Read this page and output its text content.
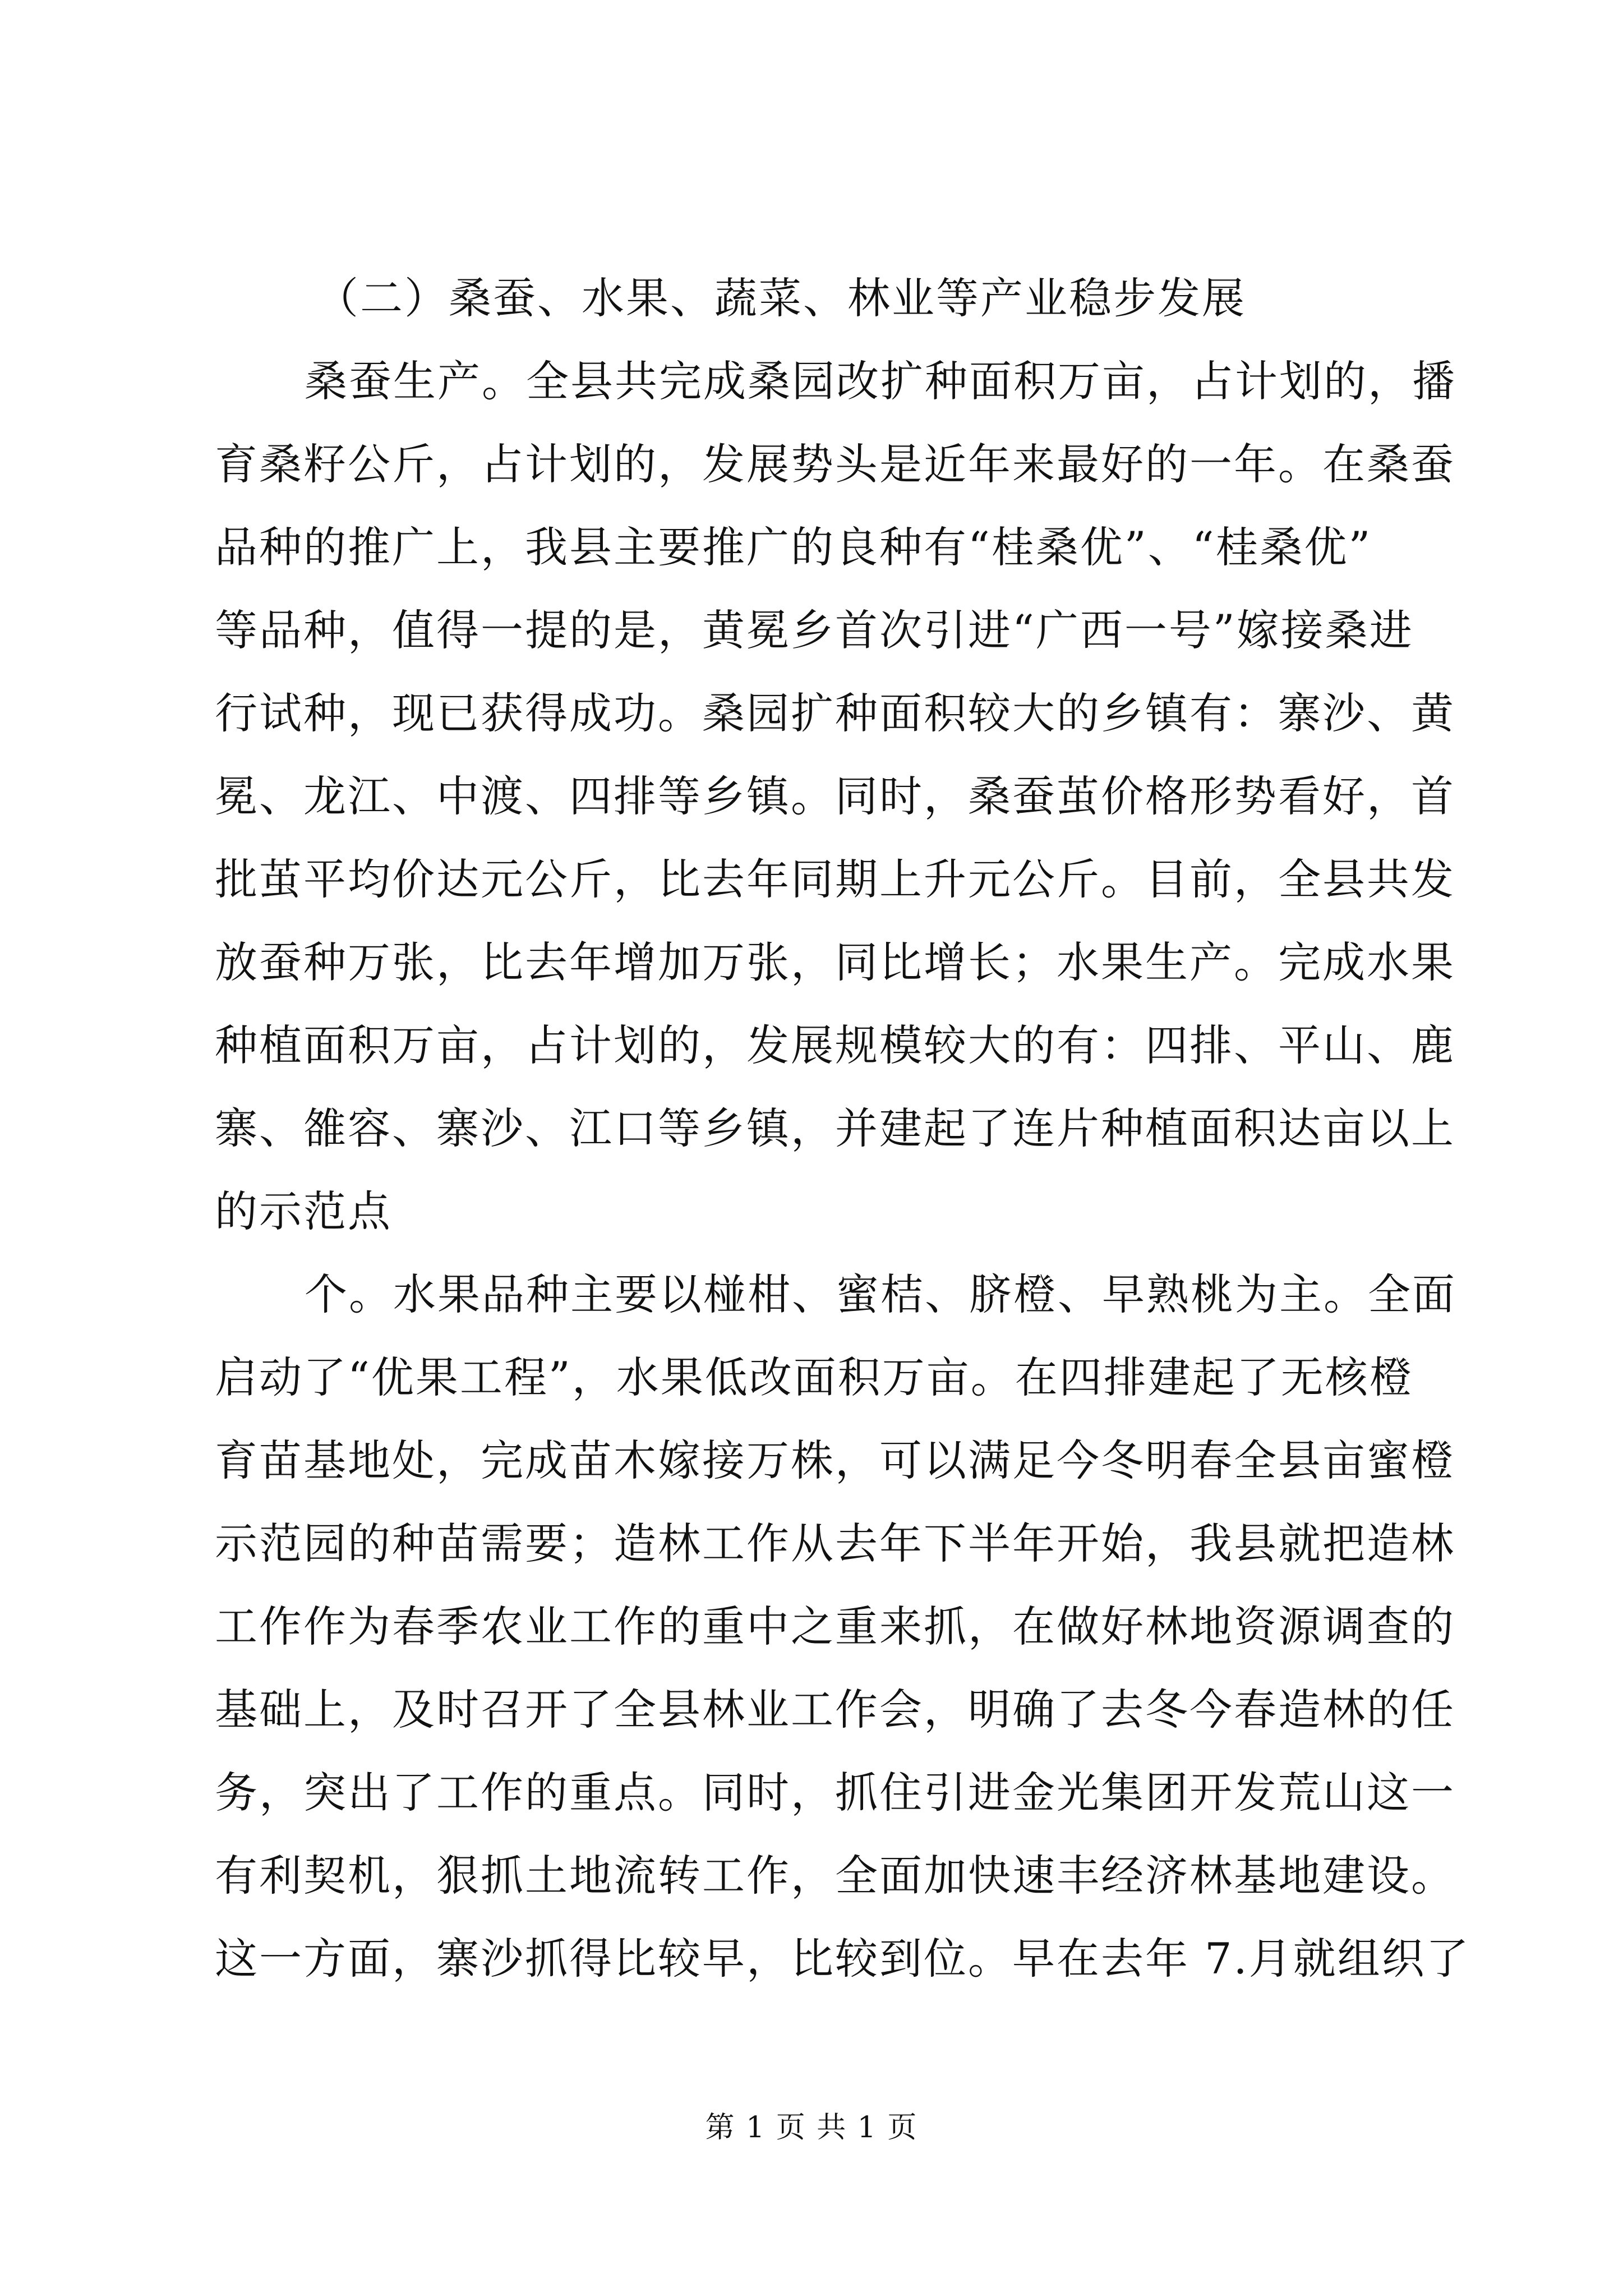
（二）桑蚕、水果、蔬菜、林业等产业稳步发展
桑蚕生产。全县共完成桑园改扩种面积万亩，占计划的，播
育桑籽公斤，占计划的，发展势头是近年来最好的一年。在桑蚕
品种的推广上，我县主要推广的良种有“桂桑优”、“桂桑优”
等品种，值得一提的是，黄冕乡首次引进“广西一号”嫁接桑进
行试种，现已获得成功。桑园扩种面积较大的乡镇有：寨沙、黄
冕、龙江、中渡、四排等乡镇。同时，桑蚕茧价格形势看好，首
批茧平均价达元公斤，比去年同期上升元公斤。目前，全县共发
放蚕种万张，比去年增加万张，同比增长；水果生产。完成水果
种植面积万亩，占计划的，发展规模较大的有：四排、平山、鹿
寨、雒容、寨沙、江口等乡镇，并建起了连片种植面积达亩以上
的示范点
个。水果品种主要以椪柑、蜜桔、脐橙、早熟桃为主。全面
启动了“优果工程”，水果低改面积万亩。在四排建起了无核橙
育苗基地处，完成苗木嫁接万株，可以满足今冬明春全县亩蜜橙
示范园的种苗需要；造林工作从去年下半年开始，我县就把造林
工作作为春季农业工作的重中之重来抓，在做好林地资源调查的
基础上，及时召开了全县林业工作会，明确了去冬今春造林的任
务，突出了工作的重点。同时，抓住引进金光集团开发荒山这一
有利契机，狠抓土地流转工作，全面加快速丰经济林基地建设。
这一方面，寨沙抓得比较早，比较到位。早在去年 7.月就组织了
第 1 页 共 1 页
